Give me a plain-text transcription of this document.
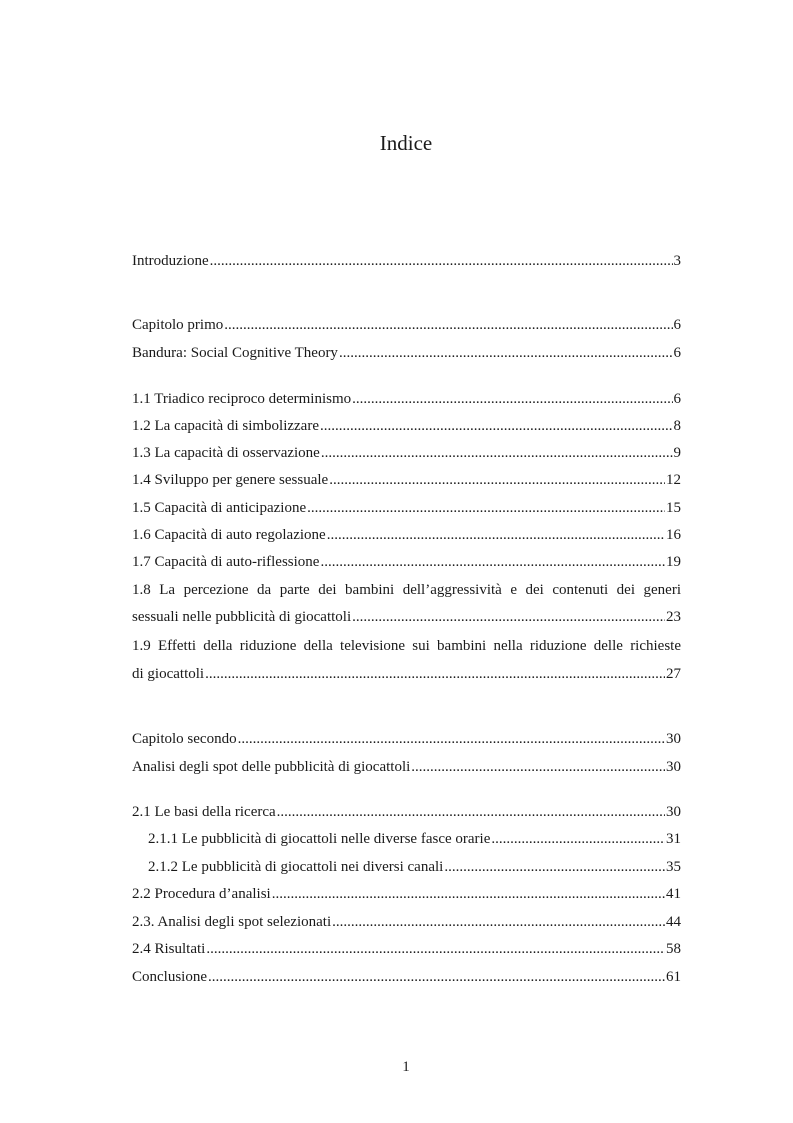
Indice
Introduzione .....	3
Capitolo primo .....	6
Bandura: Social Cognitive Theory .....	6
1.1 Triadico reciproco determinismo .....	6
1.2 La capacità di simbolizzare .....	8
1.3 La capacità di osservazione .....	9
1.4 Sviluppo per genere sessuale .....	12
1.5 Capacità di anticipazione .....	15
1.6 Capacità di auto regolazione .....	16
1.7 Capacità di auto-riflessione .....	19
1.8 La percezione da parte dei bambini dell’aggressività e dei contenuti dei generi
sessuali nelle pubblicità di giocattoli .....	23
1.9 Effetti della riduzione della televisione sui bambini nella riduzione delle richieste
di giocattoli .....	27
Capitolo secondo .....	30
Analisi degli spot delle pubblicità di giocattoli .....	30
2.1 Le basi della ricerca .....	30
2.1.1 Le pubblicità di giocattoli nelle diverse fasce orarie .....	31
2.1.2 Le pubblicità di giocattoli nei diversi canali .....	35
2.2 Procedura d’analisi .....	41
2.3. Analisi degli spot selezionati .....	44
2.4 Risultati .....	58
Conclusione .....	61
1
